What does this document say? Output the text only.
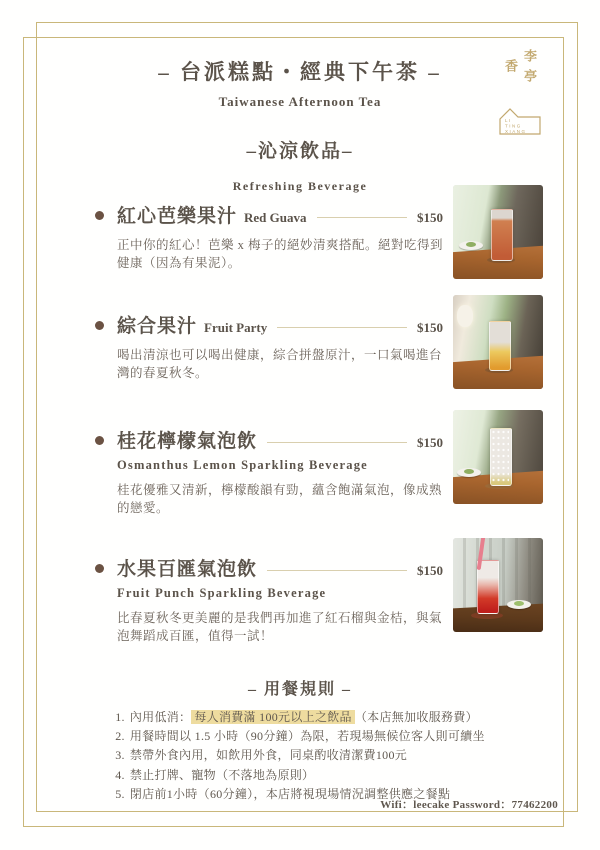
李亭香
LI
TING
XIANG
– 台派糕點・經典下午茶 –
Taiwanese Afternoon Tea
–沁涼飲品–
Refreshing Beverage
紅心芭樂果汁 Red Guava	$150
正中你的紅心！芭樂 x 梅子的絕妙清爽搭配。絕對吃得到健康（因為有果泥）。
綜合果汁 Fruit Party	$150
喝出清涼也可以喝出健康，綜合拼盤原汁，一口氣喝進台灣的春夏秋冬。
桂花檸檬氣泡飲	$150
Osmanthus Lemon Sparkling Beverage
桂花優雅又清新，檸檬酸韻有勁，蘊含飽滿氣泡，像成熟的戀愛。
水果百匯氣泡飲	$150
Fruit Punch Sparkling Beverage
比春夏秋冬更美麗的是我們再加進了紅石榴與金桔，與氣泡舞蹈成百匯，值得一試！
– 用餐規則 –
1. 內用低消： 每人消費滿 100元以上之飲品 （本店無加收服務費）
2. 用餐時間以 1.5 小時（90分鐘）為限，若現場無候位客人則可續坐
3. 禁帶外食內用，如飲用外食，同桌酌收清潔費100元
4. 禁止打牌、寵物（不落地為原則）
5. 閉店前1小時（60分鐘），本店將視現場情況調整供應之餐點
Wifi：leecake Password：77462200
